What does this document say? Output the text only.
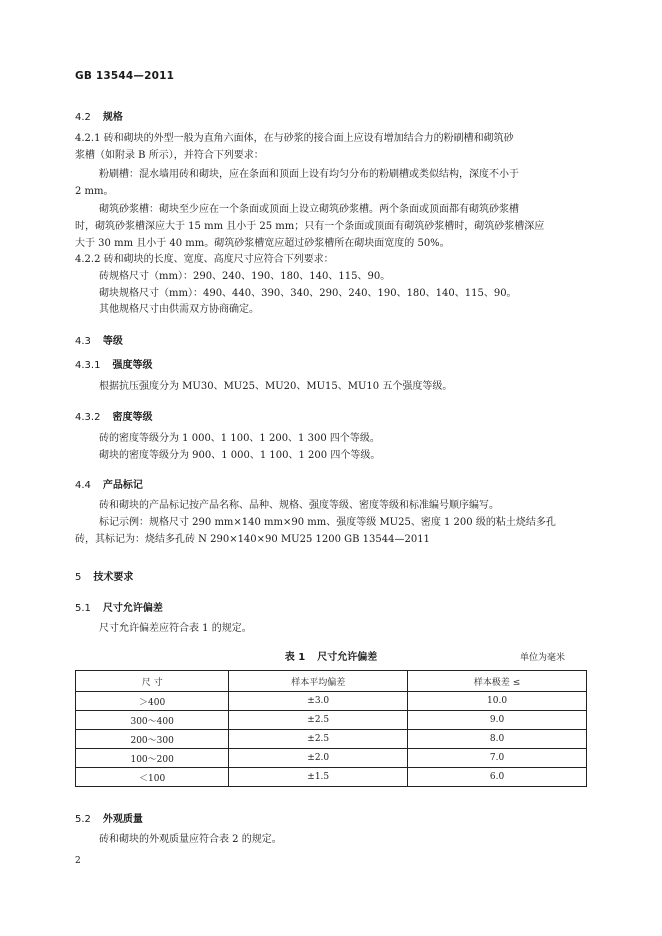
GB 13544—2011
4.2 规格
4.2.1 砖和砌块的外型一般为直角六面体，在与砂浆的接合面上应设有增加结合力的粉刷槽和砌筑砂
浆槽（如附录 B 所示），并符合下列要求：
粉刷槽：混水墙用砖和砌块，应在条面和顶面上设有均匀分布的粉刷槽或类似结构，深度不小于
2 mm。
砌筑砂浆槽：砌块至少应在一个条面或顶面上设立砌筑砂浆槽。两个条面或顶面都有砌筑砂浆槽
时，砌筑砂浆槽深应大于 15 mm 且小于 25 mm；只有一个条面或顶面有砌筑砂浆槽时，砌筑砂浆槽深应
大于 30 mm 且小于 40 mm。砌筑砂浆槽宽应超过砂浆槽所在砌块面宽度的 50%。
4.2.2 砖和砌块的长度、宽度、高度尺寸应符合下列要求：
砖规格尺寸（mm）：290、240、190、180、140、115、90。
砌块规格尺寸（mm）：490、440、390、340、290、240、190、180、140、115、90。
其他规格尺寸由供需双方协商确定。
4.3 等级
4.3.1 强度等级
根据抗压强度分为 MU30、MU25、MU20、MU15、MU10 五个强度等级。
4.3.2 密度等级
砖的密度等级分为 1 000、1 100、1 200、1 300 四个等级。
砌块的密度等级分为 900、1 000、1 100、1 200 四个等级。
4.4 产品标记
砖和砌块的产品标记按产品名称、品种、规格、强度等级、密度等级和标准编号顺序编写。
标记示例：规格尺寸 290 mm×140 mm×90 mm、强度等级 MU25、密度 1 200 级的粘土烧结多孔
砖，其标记为：烧结多孔砖 N 290×140×90 MU25 1200 GB 13544—2011
5 技术要求
5.1 尺寸允许偏差
尺寸允许偏差应符合表 1 的规定。
表 1 尺寸允许偏差	单位为毫米
尺 寸	样本平均偏差	样本极差 ≤
＞400	±3.0	10.0
300～400	±2.5	9.0
200～300	±2.5	8.0
100～200	±2.0	7.0
＜100	±1.5	6.0
5.2 外观质量
砖和砌块的外观质量应符合表 2 的规定。
2
